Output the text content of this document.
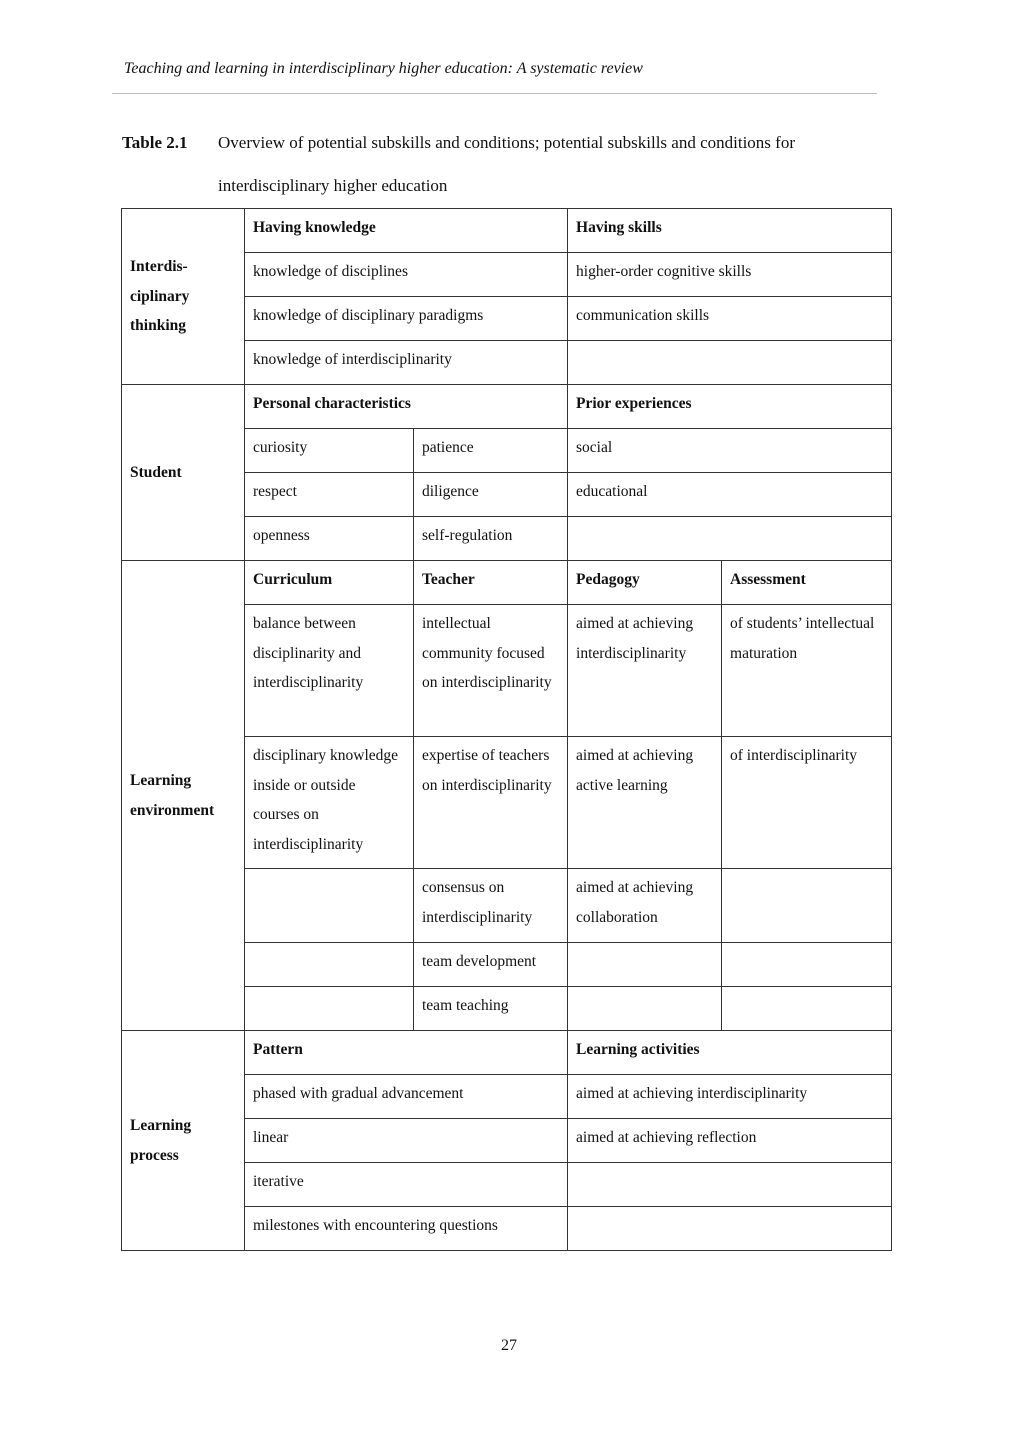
Teaching and learning in interdisciplinary higher education: A systematic review
Table 2.1 Overview of potential subskills and conditions; potential subskills and conditions for interdisciplinary higher education
Interdis-ciplinary thinking	Having knowledge		Having skills	
	knowledge of disciplines		higher-order cognitive skills	
	knowledge of disciplinary paradigms		communication skills	
	knowledge of interdisciplinarity			
Student	Personal characteristics		Prior experiences	
	curiosity	patience	social	
	respect	diligence	educational	
	openness	self-regulation		
Learning environment	Curriculum	Teacher	Pedagogy	Assessment
	balance between disciplinarity and interdisciplinarity	intellectual community focused on interdisciplinarity	aimed at achieving interdisciplinarity	of students’ intellectual maturation
	disciplinary knowledge inside or outside courses on interdisciplinarity	expertise of teachers on interdisciplinarity	aimed at achieving active learning	of interdisciplinarity
		consensus on interdisciplinarity	aimed at achieving collaboration	
		team development		
		team teaching		
Learning process	Pattern		Learning activities	
	phased with gradual advancement		aimed at achieving interdisciplinarity	
	linear		aimed at achieving reflection	
	iterative			
	milestones with encountering questions			
27
